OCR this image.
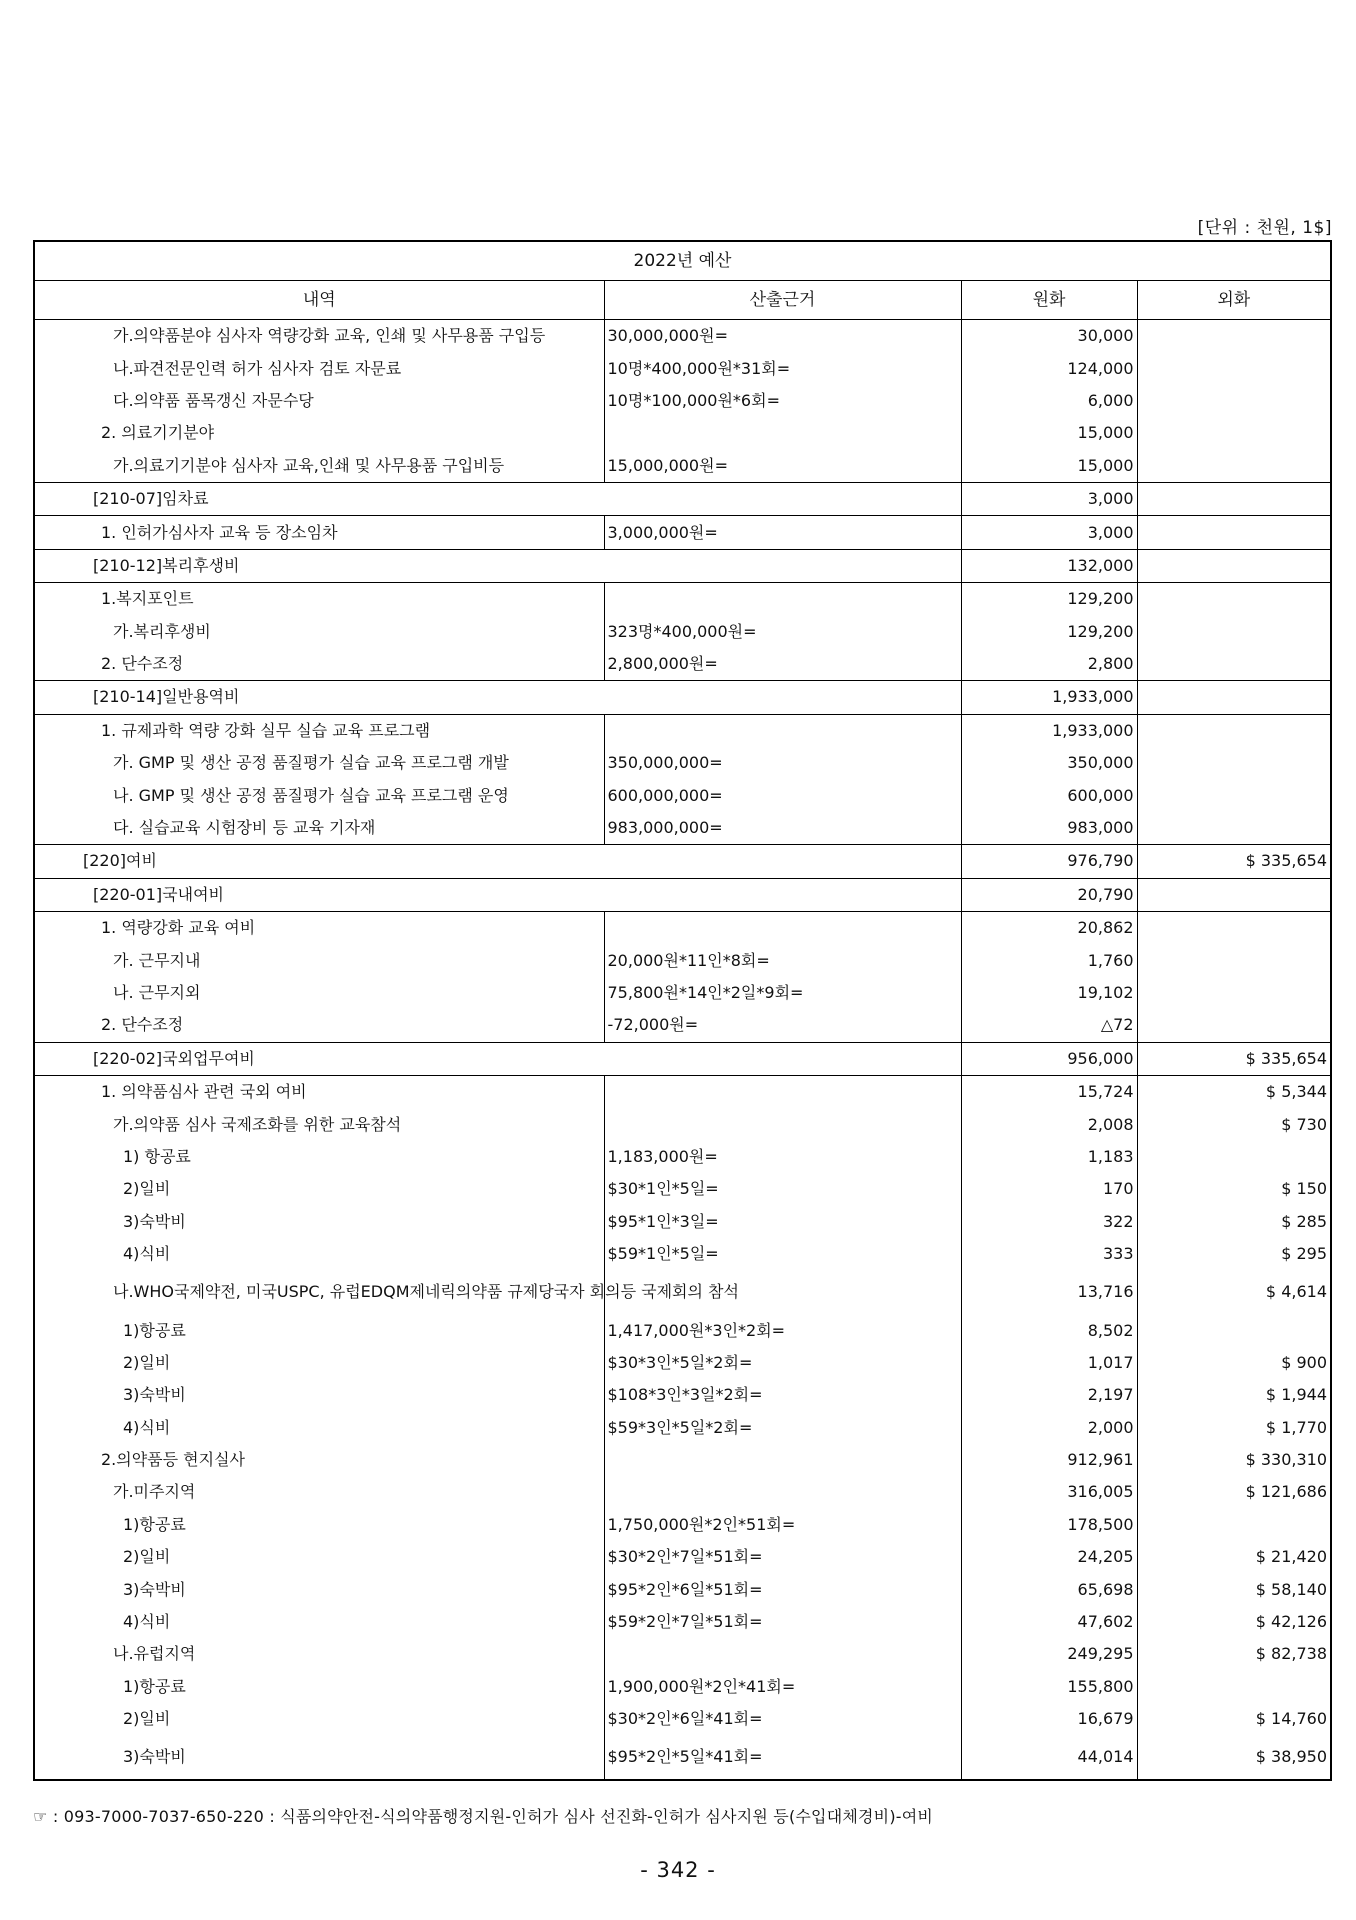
[단위 : 천원, 1$]
2022년 예산			
내역	산출근거	원화	외화
가.의약품분야 심사자 역량강화 교육, 인쇄 및 사무용품 구입등	30,000,000원=	30,000	
나.파견전문인력 허가 심사자 검토 자문료	10명*400,000원*31회=	124,000	
다.의약품 품목갱신 자문수당	10명*100,000원*6회=	6,000	
2. 의료기기분야		15,000	
가.의료기기분야 심사자 교육,인쇄 및 사무용품 구입비등	15,000,000원=	15,000	
[210-07]임차료		3,000	
1. 인허가심사자 교육 등 장소임차	3,000,000원=	3,000	
[210-12]복리후생비		132,000	
1.복지포인트		129,200	
가.복리후생비	323명*400,000원=	129,200	
2. 단수조정	2,800,000원=	2,800	
[210-14]일반용역비		1,933,000	
1. 규제과학 역량 강화 실무 실습 교육 프로그램		1,933,000	
가. GMP 및 생산 공정 품질평가 실습 교육 프로그램 개발	350,000,000=	350,000	
나. GMP 및 생산 공정 품질평가 실습 교육 프로그램 운영	600,000,000=	600,000	
다. 실습교육 시험장비 등 교육 기자재	983,000,000=	983,000	
[220]여비		976,790	$ 335,654
[220-01]국내여비		20,790	
1. 역량강화 교육 여비		20,862	
가. 근무지내	20,000원*11인*8회=	1,760	
나. 근무지외	75,800원*14인*2일*9회=	19,102	
2. 단수조정	-72,000원=	△72	
[220-02]국외업무여비		956,000	$ 335,654
1. 의약품심사 관련 국외 여비		15,724	$ 5,344
가.의약품 심사 국제조화를 위한 교육참석		2,008	$ 730
1) 항공료	1,183,000원=	1,183	
2)일비	$30*1인*5일=	170	$ 150
3)숙박비	$95*1인*3일=	322	$ 285
4)식비	$59*1인*5일=	333	$ 295
나.WHO국제약전, 미국USPC, 유럽EDQM제네릭의약품 규제당국자 회의등 국제회의 참석		13,716	$ 4,614
1)항공료	1,417,000원*3인*2회=	8,502	
2)일비	$30*3인*5일*2회=	1,017	$ 900
3)숙박비	$108*3인*3일*2회=	2,197	$ 1,944
4)식비	$59*3인*5일*2회=	2,000	$ 1,770
2.의약품등 현지실사		912,961	$ 330,310
가.미주지역		316,005	$ 121,686
1)항공료	1,750,000원*2인*51회=	178,500	
2)일비	$30*2인*7일*51회=	24,205	$ 21,420
3)숙박비	$95*2인*6일*51회=	65,698	$ 58,140
4)식비	$59*2인*7일*51회=	47,602	$ 42,126
나.유럽지역		249,295	$ 82,738
1)항공료	1,900,000원*2인*41회=	155,800	
2)일비	$30*2인*6일*41회=	16,679	$ 14,760
3)숙박비	$95*2인*5일*41회=	44,014	$ 38,950
☞ : 093-7000-7037-650-220 : 식품의약안전-식의약품행정지원-인허가 심사 선진화-인허가 심사지원 등(수입대체경비)-여비
- 342 -
